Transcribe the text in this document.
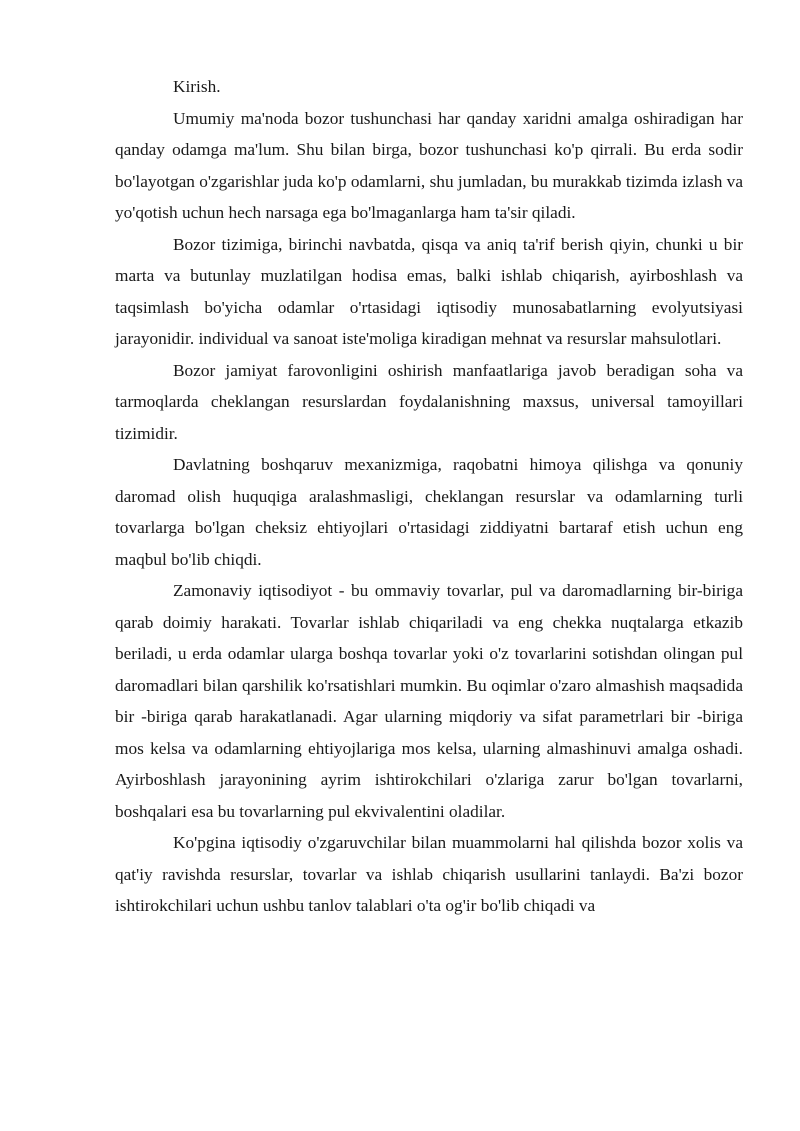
Kirish.

Umumiy ma'noda bozor tushunchasi har qanday xaridni amalga oshiradigan har qanday odamga ma'lum. Shu bilan birga, bozor tushunchasi ko'p qirrali. Bu erda sodir bo'layotgan o'zgarishlar juda ko'p odamlarni, shu jumladan, bu murakkab tizimda izlash va yo'qotish uchun hech narsaga ega bo'lmaganlarga ham ta'sir qiladi.

Bozor tizimiga, birinchi navbatda, qisqa va aniq ta'rif berish qiyin, chunki u bir marta va butunlay muzlatilgan hodisa emas, balki ishlab chiqarish, ayirboshlash va taqsimlash bo'yicha odamlar o'rtasidagi iqtisodiy munosabatlarning evolyutsiyasi jarayonidir. individual va sanoat iste'moliga kiradigan mehnat va resurslar mahsulotlari.

Bozor jamiyat farovonligini oshirish manfaatlariga javob beradigan soha va tarmoqlarda cheklangan resurslardan foydalanishning maxsus, universal tamoyillari tizimidir.

Davlatning boshqaruv mexanizmiga, raqobatni himoya qilishga va qonuniy daromad olish huquqiga aralashmasligi, cheklangan resurslar va odamlarning turli tovarlarga bo'lgan cheksiz ehtiyojlari o'rtasidagi ziddiyatni bartaraf etish uchun eng maqbul bo'lib chiqdi.

Zamonaviy iqtisodiyot - bu ommaviy tovarlar, pul va daromadlarning bir-biriga qarab doimiy harakati. Tovarlar ishlab chiqariladi va eng chekka nuqtalarga etkazib beriladi, u erda odamlar ularga boshqa tovarlar yoki o'z tovarlarini sotishdan olingan pul daromadlari bilan qarshilik ko'rsatishlari mumkin. Bu oqimlar o'zaro almashish maqsadida bir -biriga qarab harakatlanadi. Agar ularning miqdoriy va sifat parametrlari bir -biriga mos kelsa va odamlarning ehtiyojlariga mos kelsa, ularning almashinuvi amalga oshadi. Ayirboshlash jarayonining ayrim ishtirokchilari o'zlariga zarur bo'lgan tovarlarni, boshqalari esa bu tovarlarning pul ekvivalentini oladilar.

Ko'pgina iqtisodiy o'zgaruvchilar bilan muammolarni hal qilishda bozor xolis va qat'iy ravishda resurslar, tovarlar va ishlab chiqarish usullarini tanlaydi. Ba'zi bozor ishtirokchilari uchun ushbu tanlov talablari o'ta og'ir bo'lib chiqadi va
